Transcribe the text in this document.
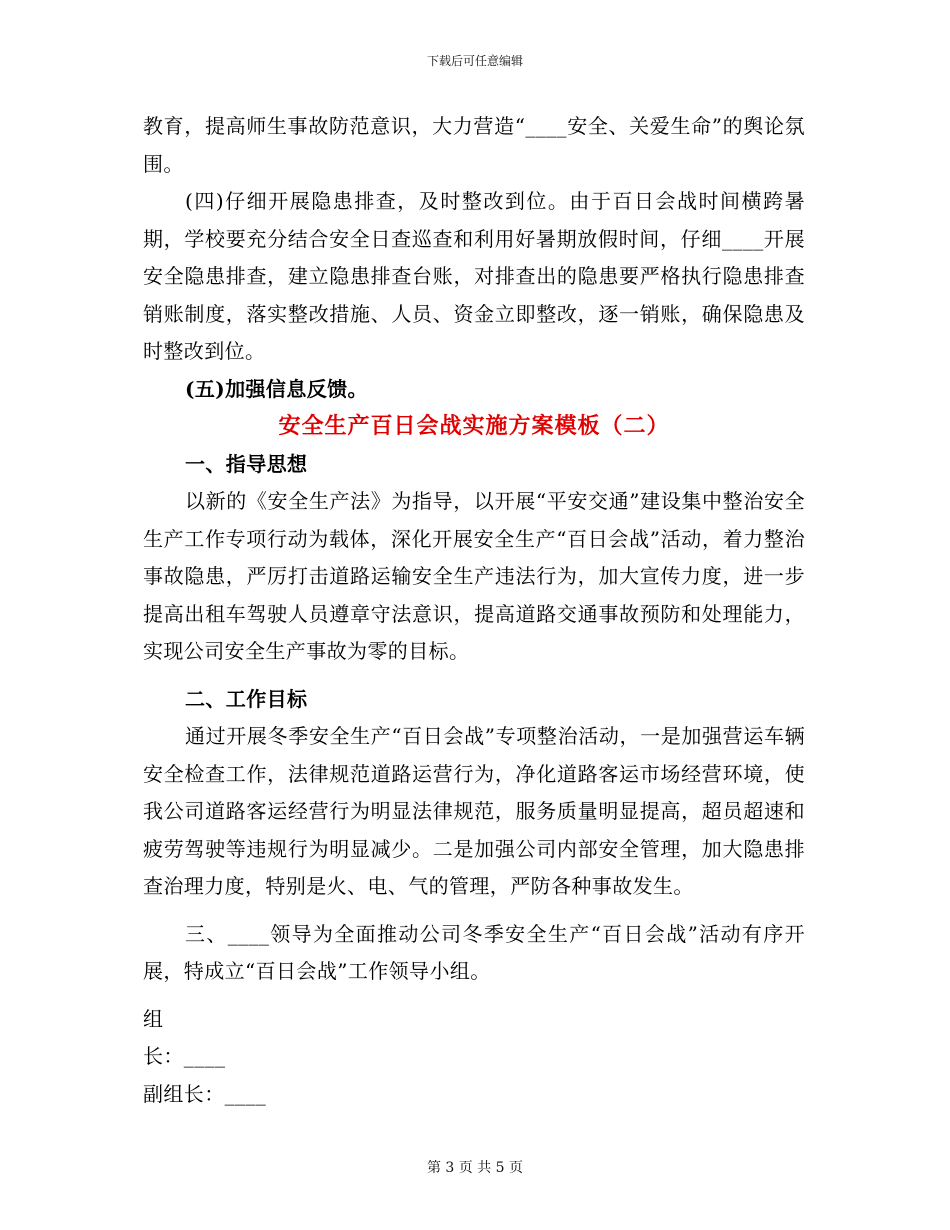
下载后可任意编辑

教育，提高师生事故防范意识，大力营造“____安全、关爱生命”的舆论氛围。

(四)仔细开展隐患排查，及时整改到位。由于百日会战时间横跨暑期，学校要充分结合安全日查巡查和利用好暑期放假时间，仔细____开展安全隐患排查，建立隐患排查台账，对排查出的隐患要严格执行隐患排查销账制度，落实整改措施、人员、资金立即整改，逐一销账，确保隐患及时整改到位。

(五)加强信息反馈。

安全生产百日会战实施方案模板（二）

一、指导思想

以新的《安全生产法》为指导，以开展“平安交通”建设集中整治安全生产工作专项行动为载体，深化开展安全生产“百日会战”活动，着力整治事故隐患，严厉打击道路运输安全生产违法行为，加大宣传力度，进一步提高出租车驾驶人员遵章守法意识，提高道路交通事故预防和处理能力，实现公司安全生产事故为零的目标。

二、工作目标

通过开展冬季安全生产“百日会战”专项整治活动，一是加强营运车辆安全检查工作，法律规范道路运营行为，净化道路客运市场经营环境，使我公司道路客运经营行为明显法律规范，服务质量明显提高，超员超速和疲劳驾驶等违规行为明显减少。二是加强公司内部安全管理，加大隐患排查治理力度，特别是火、电、气的管理，严防各种事故发生。

三、____领导为全面推动公司冬季安全生产“百日会战”活动有序开展，特成立“百日会战”工作领导小组。

组

长：____

副组长：____

第 3 页 共 5 页
